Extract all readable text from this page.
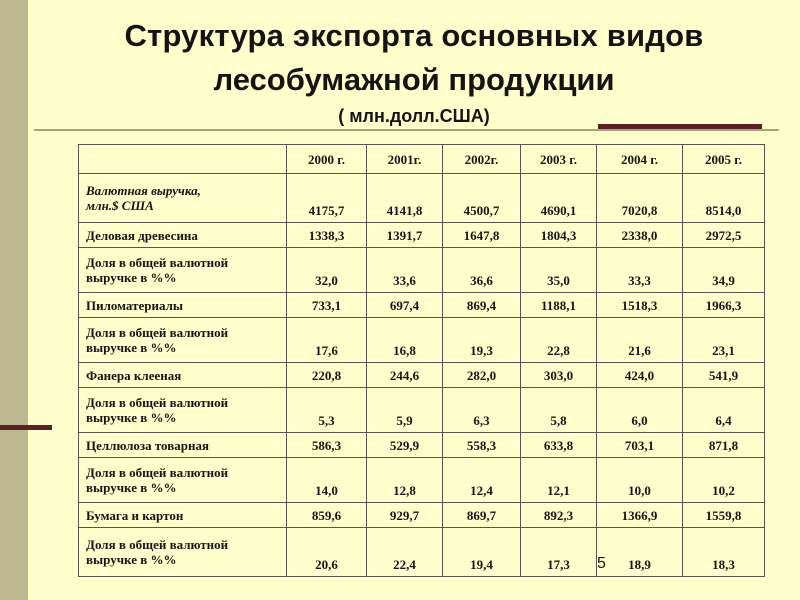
Структура экспорта основных видов
лесобумажной продукции
( млн.долл.США)
	2000 г.	2001г.	2002г.	2003 г.	2004 г.	2005 г.
Валютная выручка,
млн.$ США	4175,7	4141,8	4500,7	4690,1	7020,8	8514,0
Деловая древесина	1338,3	1391,7	1647,8	1804,3	2338,0	2972,5
Доля в общей валютной выручке в %%	32,0	33,6	36,6	35,0	33,3	34,9
Пиломатериалы	733,1	697,4	869,4	1188,1	1518,3	1966,3
Доля в общей валютной выручке в %%	17,6	16,8	19,3	22,8	21,6	23,1
Фанера клееная	220,8	244,6	282,0	303,0	424,0	541,9
Доля в общей валютной выручке в %%	5,3	5,9	6,3	5,8	6,0	6,4
Целлюлоза товарная	586,3	529,9	558,3	633,8	703,1	871,8
Доля в общей валютной выручке в %%	14,0	12,8	12,4	12,1	10,0	10,2
Бумага и картон	859,6	929,7	869,7	892,3	1366,9	1559,8
Доля в общей валютной выручке в %%	20,6	22,4	19,4	17,3	18,9	18,3
5
